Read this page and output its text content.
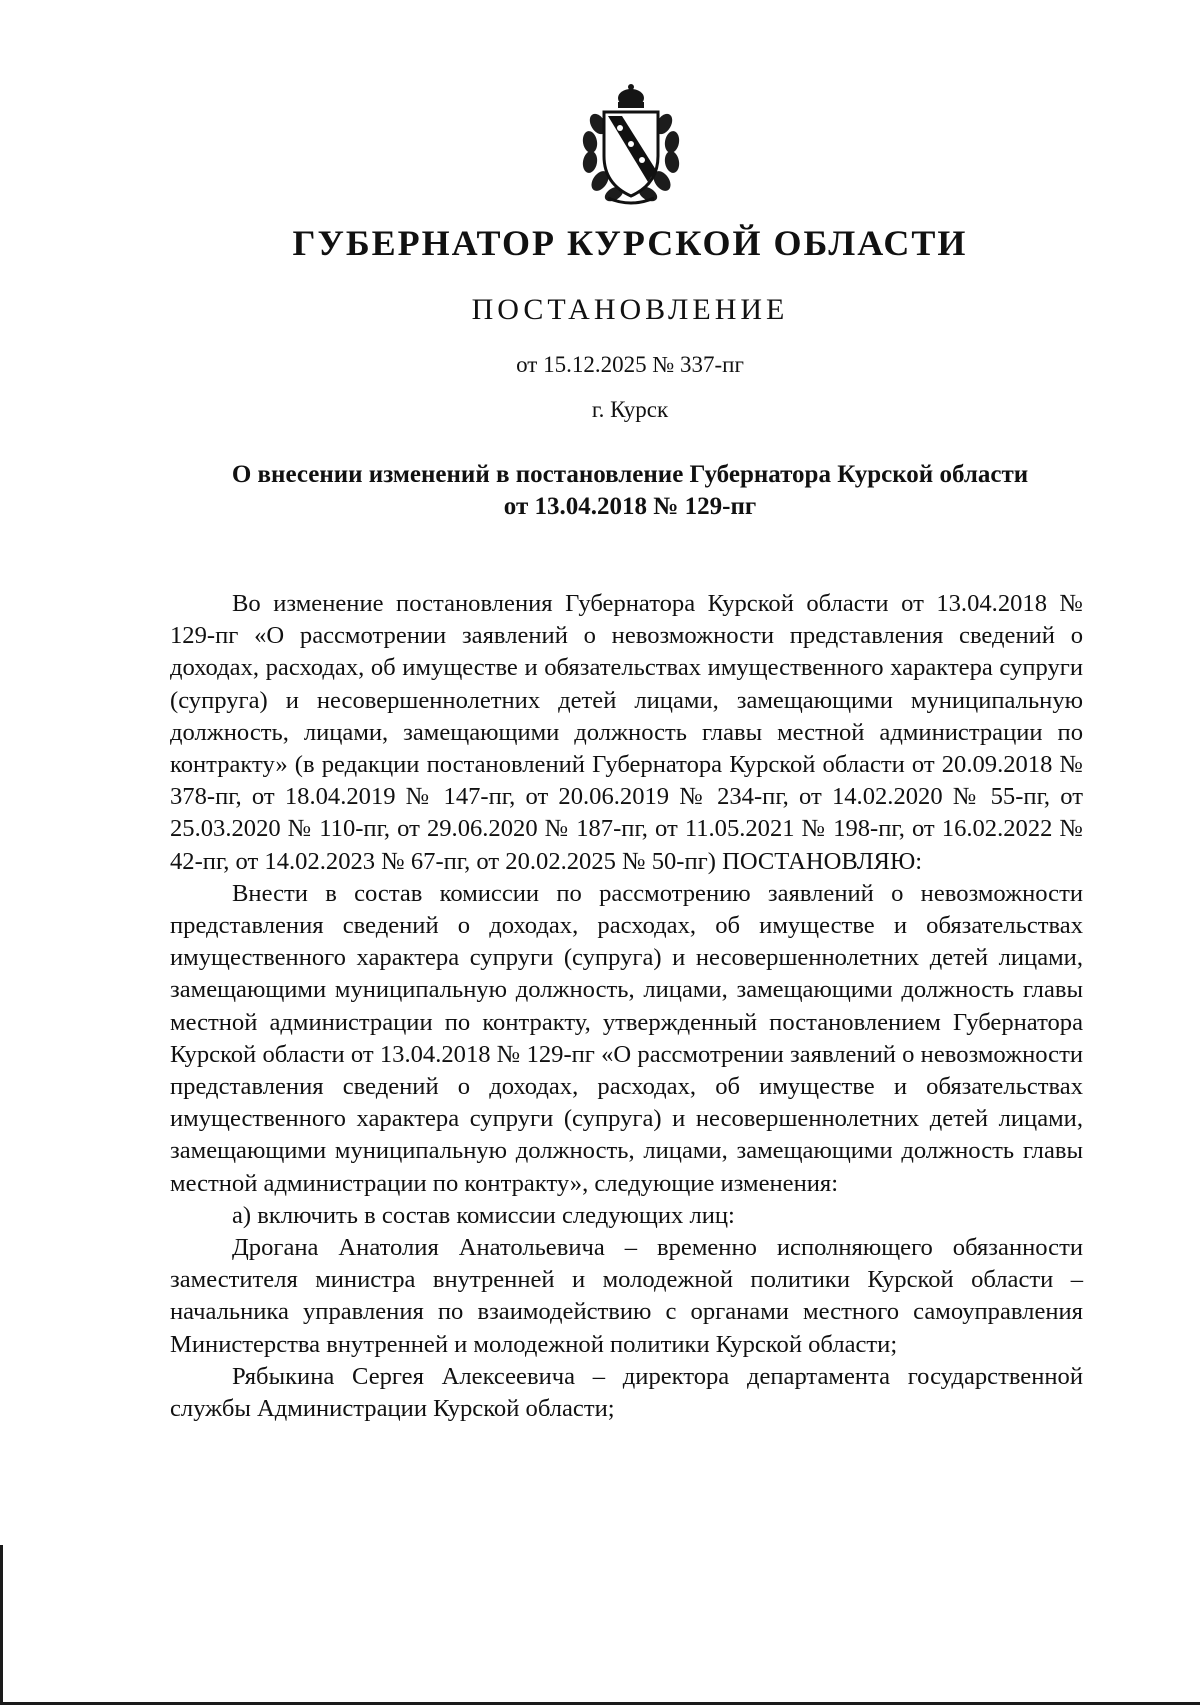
ГУБЕРНАТОР КУРСКОЙ ОБЛАСТИ
ПОСТАНОВЛЕНИЕ
от 15.12.2025 № 337-пг
г. Курск
О внесении изменений в постановление Губернатора Курской области
от 13.04.2018 № 129-пг

Во изменение постановления Губернатора Курской области от 13.04.2018 № 129-пг «О рассмотрении заявлений о невозможности представления сведений о доходах, расходах, об имуществе и обязательствах имущественного характера супруги (супруга) и несовершеннолетних детей лицами, замещающими муниципальную должность, лицами, замещающими должность главы местной администрации по контракту» (в редакции постановлений Губернатора Курской области от 20.09.2018 № 378-пг, от 18.04.2019 № 147-пг, от 20.06.2019 № 234-пг, от 14.02.2020 № 55-пг, от 25.03.2020 № 110-пг, от 29.06.2020 № 187-пг, от 11.05.2021 № 198-пг, от 16.02.2022 № 42-пг, от 14.02.2023 № 67-пг, от 20.02.2025 № 50-пг) ПОСТАНОВЛЯЮ:

Внести в состав комиссии по рассмотрению заявлений о невозможности представления сведений о доходах, расходах, об имуществе и обязательствах имущественного характера супруги (супруга) и несовершеннолетних детей лицами, замещающими муниципальную должность, лицами, замещающими должность главы местной администрации по контракту, утвержденный постановлением Губернатора Курской области от 13.04.2018 № 129-пг «О рассмотрении заявлений о невозможности представления сведений о доходах, расходах, об имуществе и обязательствах имущественного характера супруги (супруга) и несовершеннолетних детей лицами, замещающими муниципальную должность, лицами, замещающими должность главы местной администрации по контракту», следующие изменения:

а) включить в состав комиссии следующих лиц:

Дрогана Анатолия Анатольевича – временно исполняющего обязанности заместителя министра внутренней и молодежной политики Курской области – начальника управления по взаимодействию с органами местного самоуправления Министерства внутренней и молодежной политики Курской области;

Рябыкина Сергея Алексеевича – директора департамента государственной службы Администрации Курской области;
